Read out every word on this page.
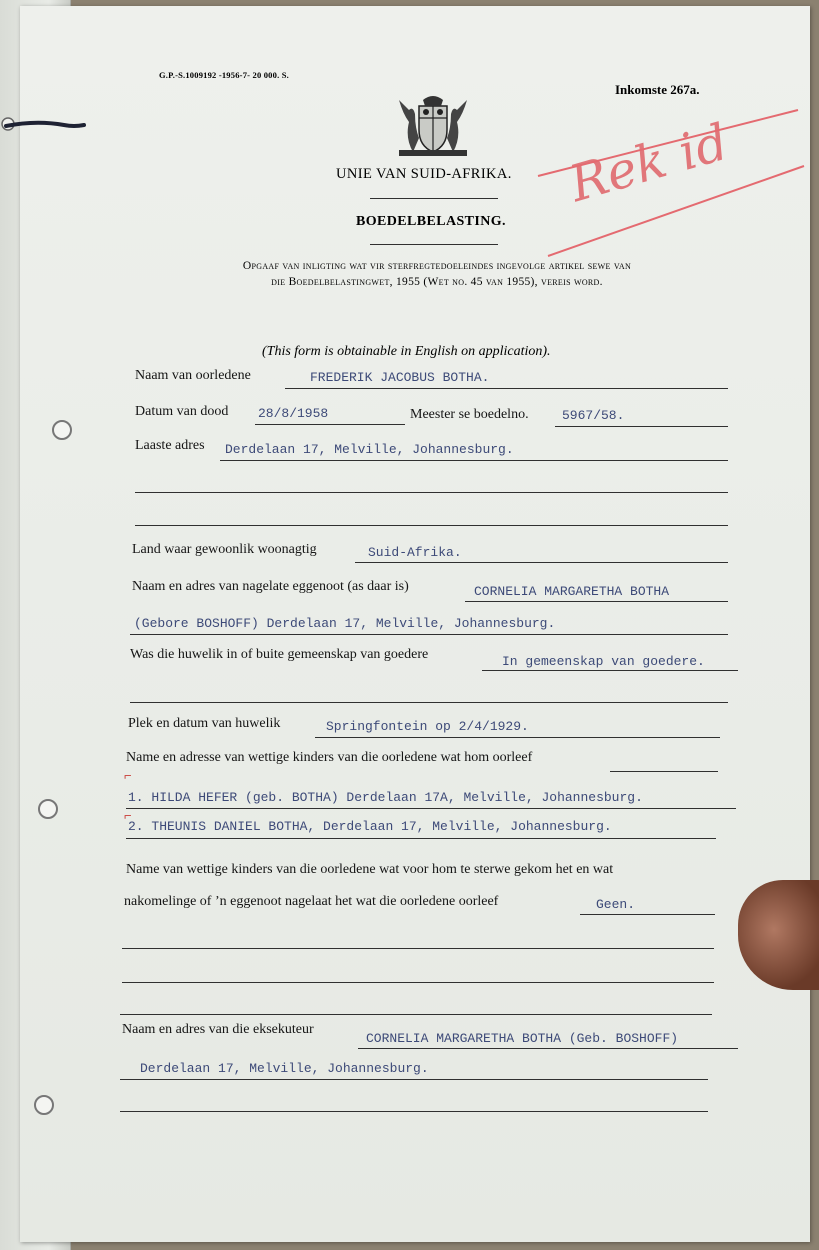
G.P.-S.1009192 -1956-7- 20 000. S.
Inkomste 267a.
UNIE VAN SUID-AFRIKA.
BOEDELBELASTING.
Opgaaf van inligting wat vir sterfregtedoeleindes ingevolge artikel sewe van
die Boedelbelastingwet, 1955 (Wet no. 45 van 1955), vereis word.
(This form is obtainable in English on application).
Rek id
Naam van oorledene	FREDERIK JACOBUS BOTHA.
Datum van dood 28/8/1958	Meester se boedelno.	5967/58.
Laaste adres Derdelaan 17, Melville, Johannesburg.
Land waar gewoonlik woonagtig	Suid-Afrika.
Naam en adres van nagelate eggenoot (as daar is)	CORNELIA MARGARETHA BOTHA
(Gebore BOSHOFF) Derdelaan 17, Melville, Johannesburg.
Was die huwelik in of buite gemeenskap van goedere	In gemeenskap van goedere.
Plek en datum van huwelik	Springfontein op 2/4/1929.
Name en adresse van wettige kinders van die oorledene wat hom oorleef
⌐
1. HILDA HEFER (geb. BOTHA) Derdelaan 17A, Melville, Johannesburg.
⌐
2. THEUNIS DANIEL BOTHA, Derdelaan 17, Melville, Johannesburg.
Name van wettige kinders van die oorledene wat voor hom te sterwe gekom het en wat
nakomelinge of ’n eggenoot nagelaat het wat die oorledene oorleef	Geen.
Naam en adres van die eksekuteur
CORNELIA MARGARETHA BOTHA (Geb. BOSHOFF)
Derdelaan 17, Melville, Johannesburg.
